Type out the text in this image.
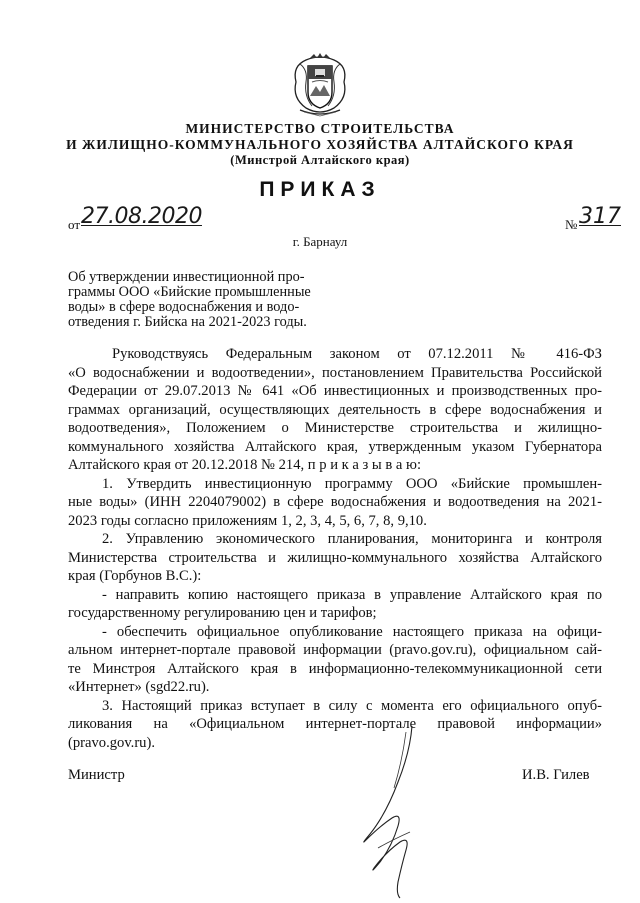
МИНИСТЕРСТВО СТРОИТЕЛЬСТВА
И ЖИЛИЩНО-КОММУНАЛЬНОГО ХОЗЯЙСТВА АЛТАЙСКОГО КРАЯ
(Минстрой Алтайского края)
ПРИКАЗ
от 27.08.2020	№ 317
г. Барнаул
Об утверждении инвестиционной про-
граммы ООО «Бийские промышленные
воды» в сфере водоснабжения и водо-
отведения г. Бийска на 2021-2023 годы.
Руководствуясь Федеральным законом от 07.12.2011 № 416-ФЗ
«О водоснабжении и водоотведении», постановлением Правительства Российской
Федерации от 29.07.2013 № 641 «Об инвестиционных и производственных про-
граммах организаций, осуществляющих деятельность в сфере водоснабжения и
водоотведения», Положением о Министерстве строительства и жилищно-
коммунального хозяйства Алтайского края, утвержденным указом Губернатора
Алтайского края от 20.12.2018 № 214, п р и к а з ы в а ю:
1. Утвердить инвестиционную программу ООО «Бийские промышлен-
ные воды» (ИНН 2204079002) в сфере водоснабжения и водоотведения на 2021-
2023 годы согласно приложениям 1, 2, 3, 4, 5, 6, 7, 8, 9,10.
2. Управлению экономического планирования, мониторинга и контроля
Министерства строительства и жилищно-коммунального хозяйства Алтайского
края (Горбунов В.С.):
- направить копию настоящего приказа в управление Алтайского края по
государственному регулированию цен и тарифов;
- обеспечить официальное опубликование настоящего приказа на офици-
альном интернет-портале правовой информации (pravo.gov.ru), официальном сай-
те Минстроя Алтайского края в информационно-телекоммуникационной сети
«Интернет» (sgd22.ru).
3. Настоящий приказ вступает в силу с момента его официального опуб-
ликования на «Официальном интернет-портале правовой информации»
(pravo.gov.ru).
Министр	И.В. Гилев
